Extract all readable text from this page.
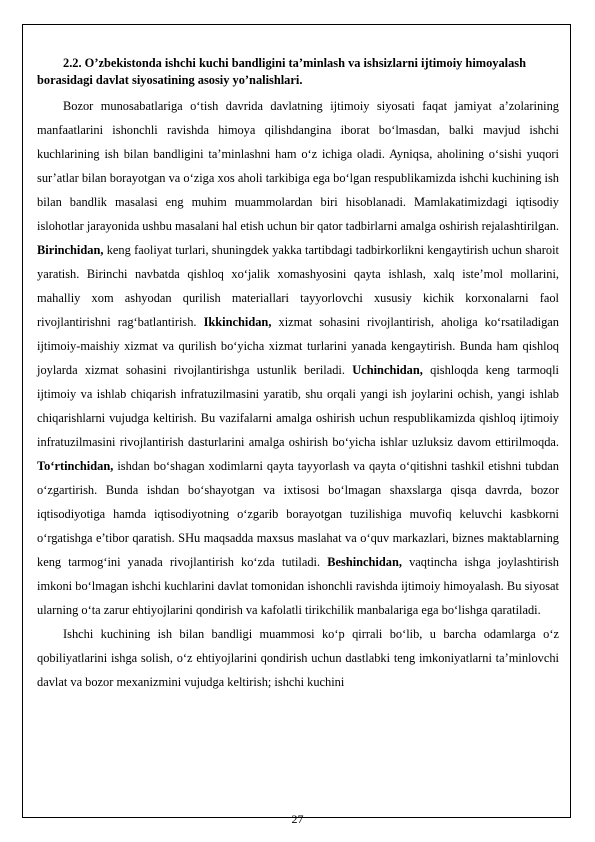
2.2. O’zbekistonda ishchi kuchi bandligini ta’minlash va ishsizlarni ijtimoiy himoyalash borasidagi davlat siyosatining asosiy yo’nalishlari.

Bozor munosabatlariga o‘tish davrida davlatning ijtimoiy siyosati faqat jamiyat a’zolarining manfaatlarini ishonchli ravishda himoya qilishdangina iborat bo‘lmasdan, balki mavjud ishchi kuchlarining ish bilan bandligini ta’minlashni ham o‘z ichiga oladi. Ayniqsa, aholining o‘sishi yuqori sur’atlar bilan borayotgan va o‘ziga xos aholi tarkibiga ega bo‘lgan respublikamizda ishchi kuchining ish bilan bandlik masalasi eng muhim muammolardan biri hisoblanadi. Mamlakatimizdagi iqtisodiy islohotlar jarayonida ushbu masalani hal etish uchun bir qator tadbirlarni amalga oshirish rejalashtirilgan. Birinchidan, keng faoliyat turlari, shuningdek yakka tartibdagi tadbirkorlikni kengaytirish uchun sharoit yaratish. Birinchi navbatda qishloq xo‘jalik xomashyosini qayta ishlash, xalq iste’mol mollarini, mahalliy xom ashyodan qurilish materiallari tayyorlovchi xususiy kichik korxonalarni faol rivojlantirishni rag‘batlantirish. Ikkinchidan, xizmat sohasini rivojlantirish, aholiga ko‘rsatiladigan ijtimoiy-maishiy xizmat va qurilish bo‘yicha xizmat turlarini yanada kengaytirish. Bunda ham qishloq joylarda xizmat sohasini rivojlantirishga ustunlik beriladi. Uchinchidan, qishloqda keng tarmoqli ijtimoiy va ishlab chiqarish infratuzilmasini yaratib, shu orqali yangi ish joylarini ochish, yangi ishlab chiqarishlarni vujudga keltirish. Bu vazifalarni amalga oshirish uchun respublikamizda qishloq ijtimoiy infratuzilmasini rivojlantirish dasturlarini amalga oshirish bo‘yicha ishlar uzluksiz davom ettirilmoqda. To‘rtinchidan, ishdan bo‘shagan xodimlarni qayta tayyorlash va qayta o‘qitishni tashkil etishni tubdan o‘zgartirish. Bunda ishdan bo‘shayotgan va ixtisosi bo‘lmagan shaxslarga qisqa davrda, bozor iqtisodiyotiga hamda iqtisodiyotning o‘zgarib borayotgan tuzilishiga muvofiq keluvchi kasbkorni o‘rgatishga e’tibor qaratish. SHu maqsadda maxsus maslahat va o‘quv markazlari, biznes maktablarning keng tarmog‘ini yanada rivojlantirish ko‘zda tutiladi. Beshinchidan, vaqtincha ishga joylashtirish imkoni bo‘lmagan ishchi kuchlarini davlat tomonidan ishonchli ravishda ijtimoiy himoyalash. Bu siyosat ularning o‘ta zarur ehtiyojlarini qondirish va kafolatli tirikchilik manbalariga ega bo‘lishga qaratiladi.

Ishchi kuchining ish bilan bandligi muammosi ko‘p qirrali bo‘lib, u barcha odamlarga o‘z qobiliyatlarini ishga solish, o‘z ehtiyojlarini qondirish uchun dastlabki teng imkoniyatlarni ta’minlovchi davlat va bozor mexanizmini vujudga keltirish; ishchi kuchini

27
